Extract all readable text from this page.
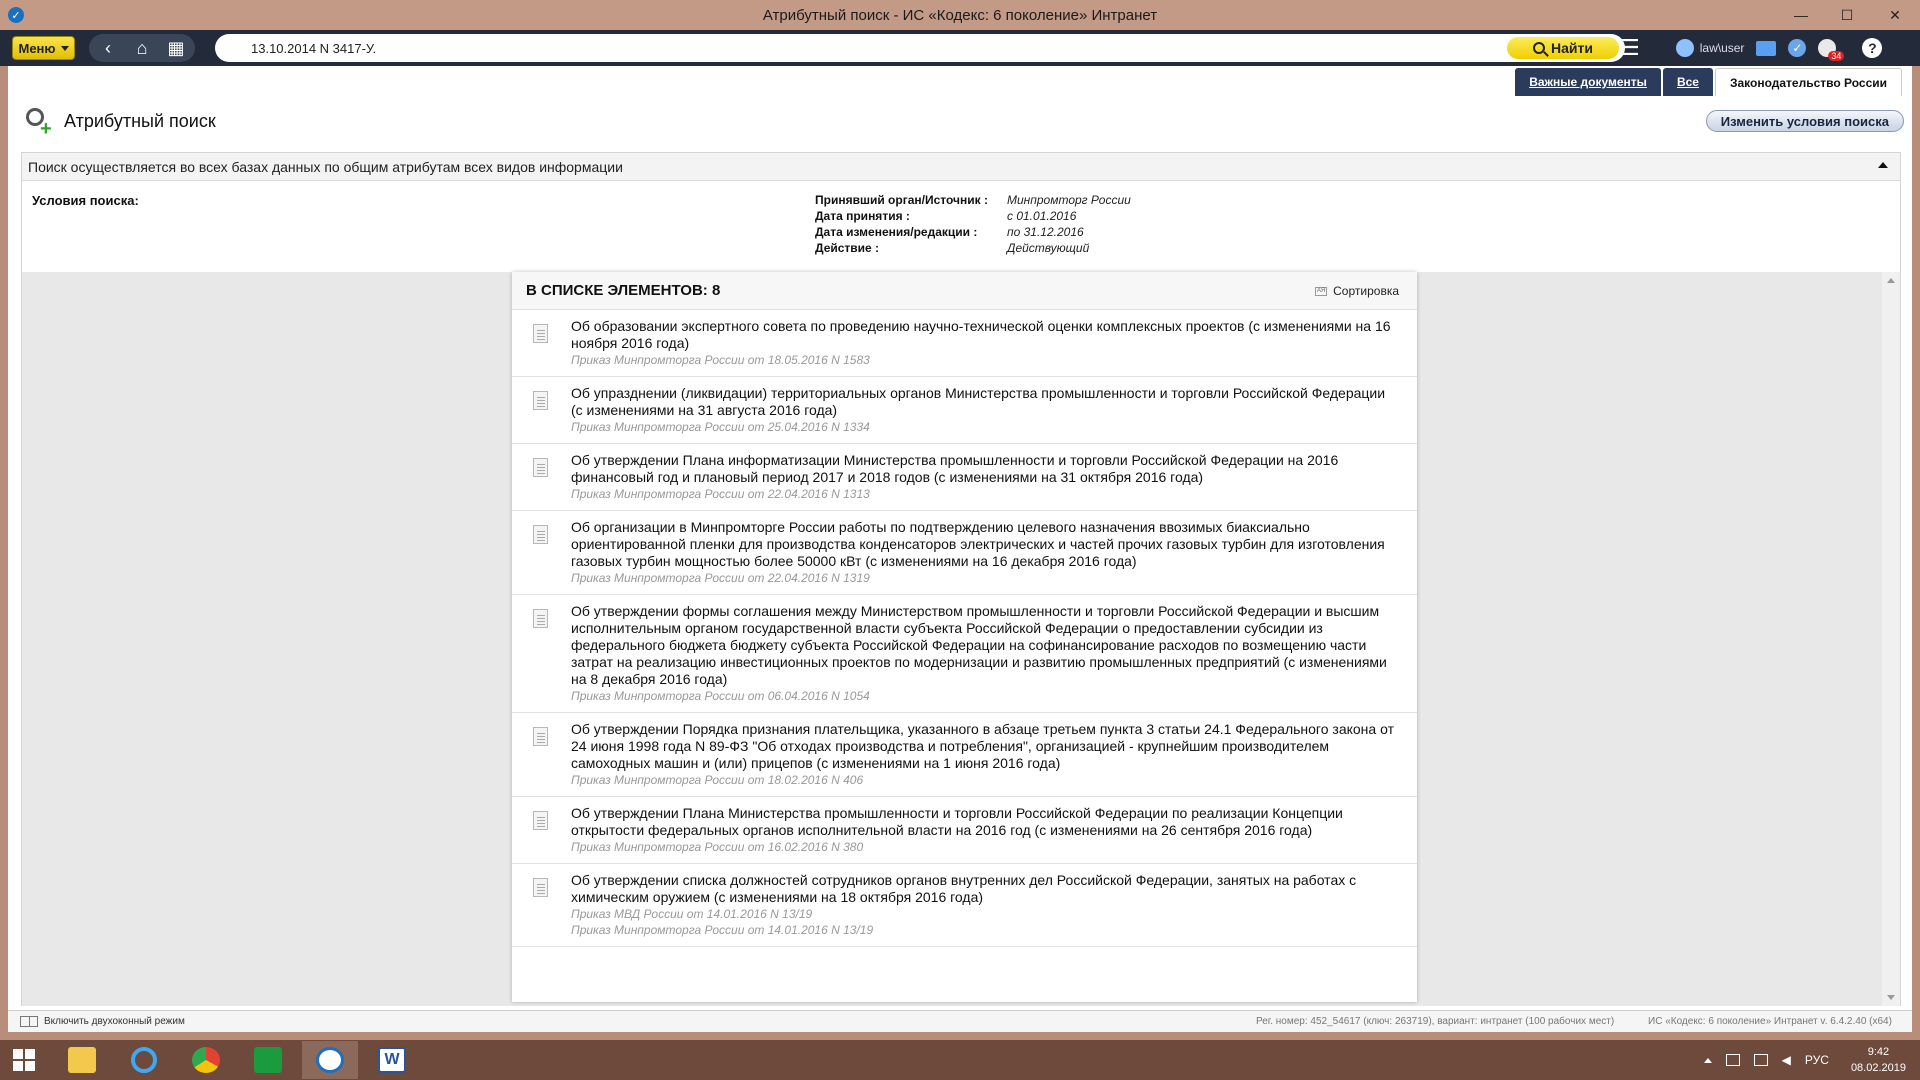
✓	Атрибутный поиск - ИС «Кодекс: 6 поколение» Интранет	—	☐	✕
Меню	‹	⌂	▦
13.10.2014 N 3417-У.	Найти ☰	law\user	✓
34	?
Важные документы	Все	Законодательство России
+ Атрибутный поиск	Изменить условия поиска
Поиск осуществляется во всех базах данных по общим атрибутам всех видов информации
Условия поиска:	Принявший орган/Источник :	Минпромторг России
Дата принятия :	с 01.01.2016
Дата изменения/редакции :	по 31.12.2016
Действие :	Действующий
В СПИСКЕ ЭЛЕМЕНТОВ: 8	АЯ Сортировка
Об образовании экспертного совета по проведению научно-технической оценки комплексных проектов (с изменениями на 16 ноября 2016 года)
Приказ Минпромторга России от 18.05.2016 N 1583
Об упразднении (ликвидации) территориальных органов Министерства промышленности и торговли Российской Федерации (с изменениями на 31 августа 2016 года)
Приказ Минпромторга России от 25.04.2016 N 1334
Об утверждении Плана информатизации Министерства промышленности и торговли Российской Федерации на 2016 финансовый год и плановый период 2017 и 2018 годов (с изменениями на 31 октября 2016 года)
Приказ Минпромторга России от 22.04.2016 N 1313
Об организации в Минпромторге России работы по подтверждению целевого назначения ввозимых биаксиально ориентированной пленки для производства конденсаторов электрических и частей прочих газовых турбин для изготовления газовых турбин мощностью более 50000 кВт (с изменениями на 16 декабря 2016 года)
Приказ Минпромторга России от 22.04.2016 N 1319
Об утверждении формы соглашения между Министерством промышленности и торговли Российской Федерации и высшим исполнительным органом государственной власти субъекта Российской Федерации о предоставлении субсидии из федерального бюджета бюджету субъекта Российской Федерации на софинансирование расходов по возмещению части затрат на реализацию инвестиционных проектов по модернизации и развитию промышленных предприятий (с изменениями на 8 декабря 2016 года)
Приказ Минпромторга России от 06.04.2016 N 1054
Об утверждении Порядка признания плательщика, указанного в абзаце третьем пункта 3 статьи 24.1 Федерального закона от 24 июня 1998 года N 89-ФЗ "Об отходах производства и потребления", организацией - крупнейшим производителем самоходных машин и (или) прицепов (с изменениями на 1 июня 2016 года)
Приказ Минпромторга России от 18.02.2016 N 406
Об утверждении Плана Министерства промышленности и торговли Российской Федерации по реализации Концепции открытости федеральных органов исполнительной власти на 2016 год (с изменениями на 26 сентября 2016 года)
Приказ Минпромторга России от 16.02.2016 N 380
Об утверждении списка должностей сотрудников органов внутренних дел Российской Федерации, занятых на работах с химическим оружием (с изменениями на 18 октября 2016 года)
Приказ МВД России от 14.01.2016 N 13/19
Приказ Минпромторга России от 14.01.2016 N 13/19
Включить двухоконный режим	Рег. номер: 452_54617 (ключ: 263719), вариант: интранет (100 рабочих мест)	ИС «Кодекс: 6 поколение» Интранет v. 6.4.2.40 (x64)
W	◀ РУС
9:42
08.02.2019
